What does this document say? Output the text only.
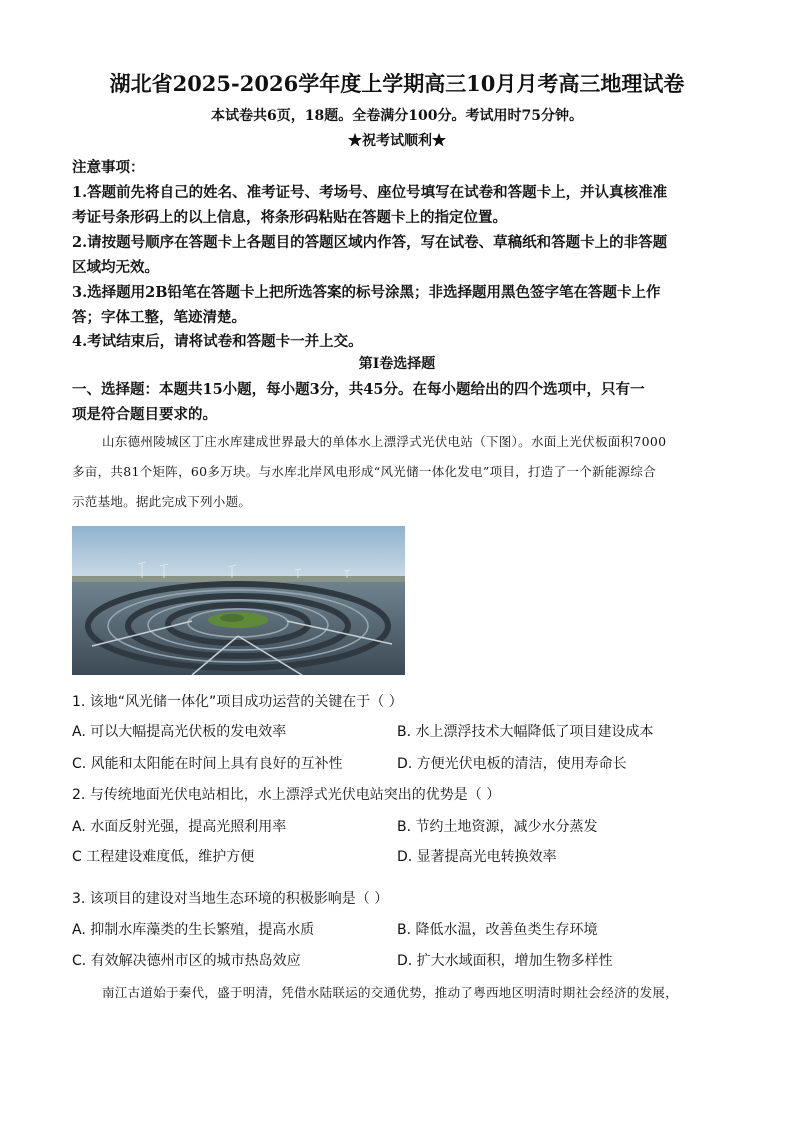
湖北省2025-2026学年度上学期高三10月月考高三地理试卷
本试卷共6页，18题。全卷满分100分。考试用时75分钟。
★祝考试顺利★
注意事项：
1.答题前先将自己的姓名、准考证号、考场号、座位号填写在试卷和答题卡上，并认真核准准
考证号条形码上的以上信息，将条形码粘贴在答题卡上的指定位置。
2.请按题号顺序在答题卡上各题目的答题区域内作答，写在试卷、草稿纸和答题卡上的非答题
区域均无效。
3.选择题用2B铅笔在答题卡上把所选答案的标号涂黑；非选择题用黑色签字笔在答题卡上作
答；字体工整，笔迹清楚。
4.考试结束后，请将试卷和答题卡一并上交。
第Ⅰ卷选择题
一、选择题：本题共15小题，每小题3分，共45分。在每小题给出的四个选项中，只有一
项是符合题目要求的。
山东德州陵城区丁庄水库建成世界最大的单体水上漂浮式光伏电站（下图）。水面上光伏板面积7000
多亩，共81个矩阵，60多万块。与水库北岸风电形成“风光储一体化发电”项目，打造了一个新能源综合
示范基地。据此完成下列小题。
1. 该地“风光储一体化”项目成功运营的关键在于（ ）
A. 可以大幅提高光伏板的发电效率	B. 水上漂浮技术大幅降低了项目建设成本
C. 风能和太阳能在时间上具有良好的互补性	D. 方便光伏电板的清洁，使用寿命长
2. 与传统地面光伏电站相比，水上漂浮式光伏电站突出的优势是（ ）
A. 水面反射光强，提高光照利用率	B. 节约土地资源，减少水分蒸发
C 工程建设难度低，维护方便	D. 显著提高光电转换效率
3. 该项目的建设对当地生态环境的积极影响是（ ）
A. 抑制水库藻类的生长繁殖，提高水质	B. 降低水温，改善鱼类生存环境
C. 有效解决德州市区的城市热岛效应	D. 扩大水域面积，增加生物多样性
南江古道始于秦代，盛于明清，凭借水陆联运的交通优势，推动了粤西地区明清时期社会经济的发展，
